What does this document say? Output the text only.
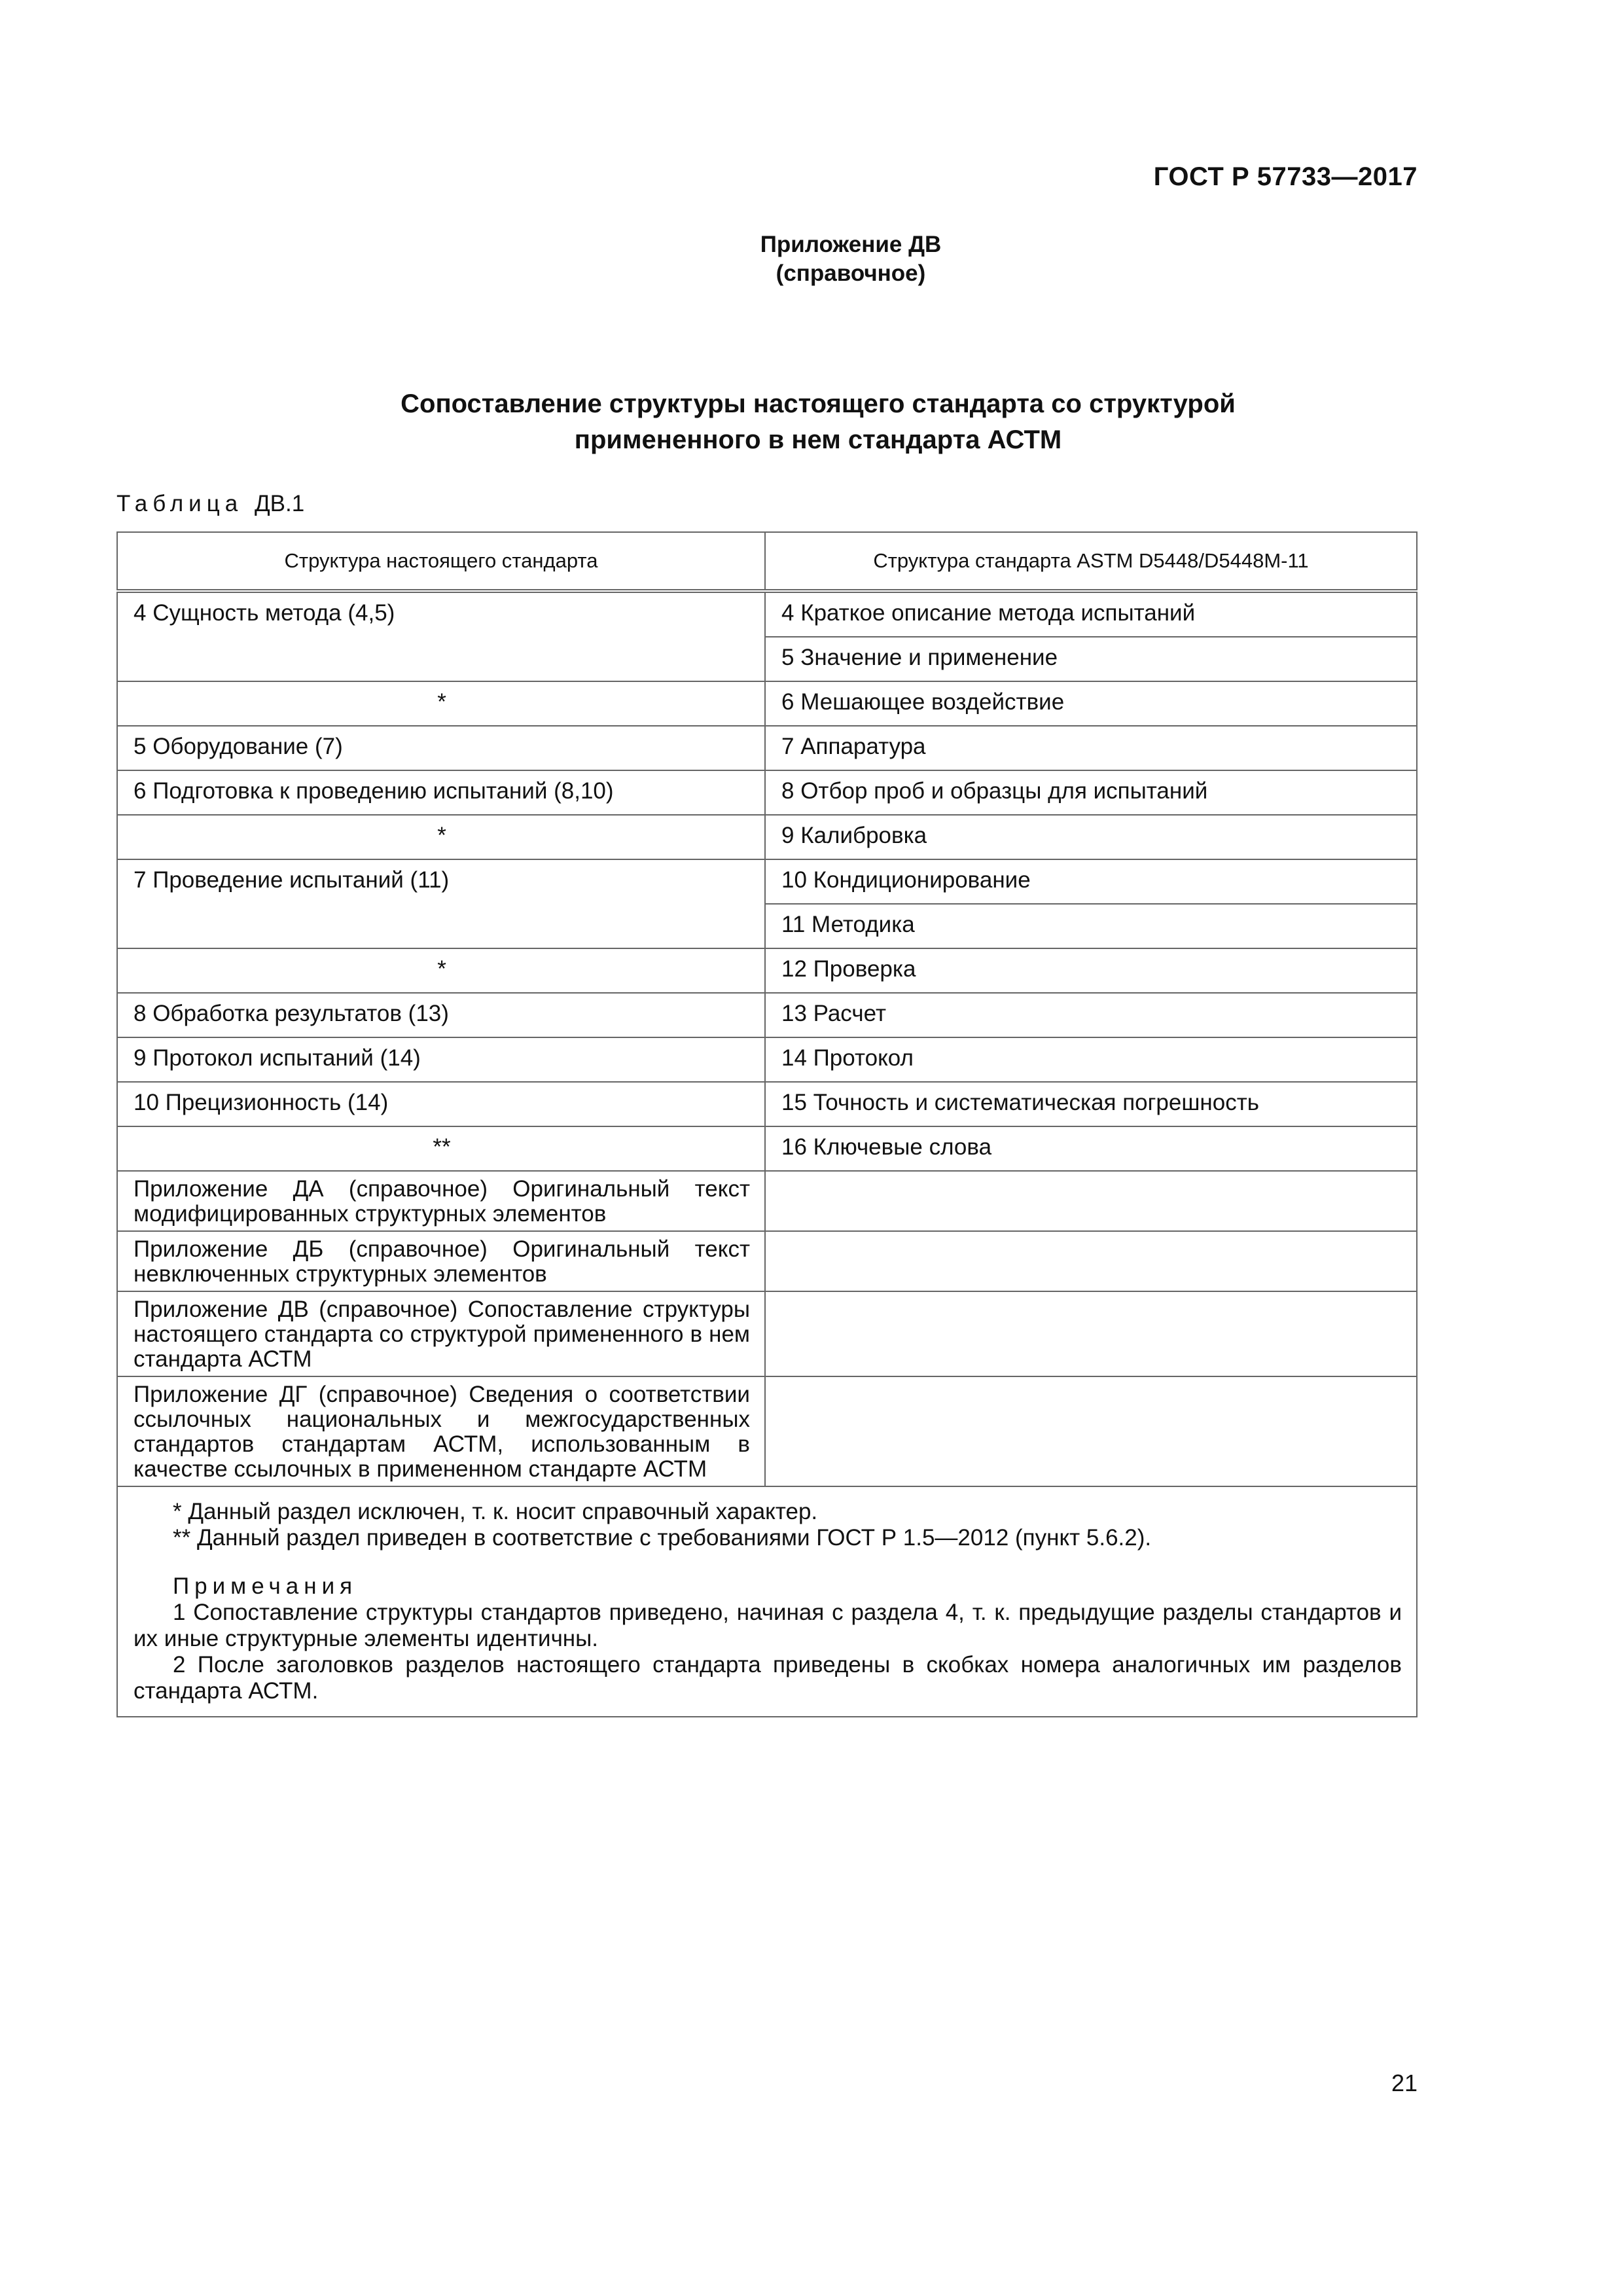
ГОСТ Р 57733—2017
Приложение ДВ
(справочное)
Сопоставление структуры настоящего стандарта со структурой
примененного в нем стандарта АСТМ
Таблица ДВ.1
Структура настоящего стандарта	Структура стандарта ASTM D5448/D5448M-11
4 Сущность метода (4,5)	4 Краткое описание метода испытаний
	5 Значение и применение
*	6 Мешающее воздействие
5 Оборудование (7)	7 Аппаратура
6 Подготовка к проведению испытаний (8,10)	8 Отбор проб и образцы для испытаний
*	9 Калибровка
7 Проведение испытаний (11)	10 Кондиционирование
	11 Методика
*	12 Проверка
8 Обработка результатов (13)	13 Расчет
9 Протокол испытаний (14)	14 Протокол
10 Прецизионность (14)	15 Точность и систематическая погрешность
**	16 Ключевые слова
Приложение ДА (справочное) Оригинальный текст модифицированных структурных элементов	
Приложение ДБ (справочное) Оригинальный текст невключенных структурных элементов	
Приложение ДВ (справочное) Сопоставление структуры настоящего стандарта со структурой примененного в нем стандарта АСТМ	
Приложение ДГ (справочное) Сведения о соответствии ссылочных национальных и межгосударственных стандартов стандартам АСТМ, использованным в качестве ссылочных в примененном стандарте АСТМ	

* Данный раздел исключен, т. к. носит справочный характер.
** Данный раздел приведен в соответствие с требованиями ГОСТ Р 1.5—2012 (пункт 5.6.2).
Примечания
1 Сопоставление структуры стандартов приведено, начиная с раздела 4, т. к. предыдущие разделы стандартов и их иные структурные элементы идентичны.
2 После заголовков разделов настоящего стандарта приведены в скобках номера аналогичных им разделов стандарта АСТМ.	
21
